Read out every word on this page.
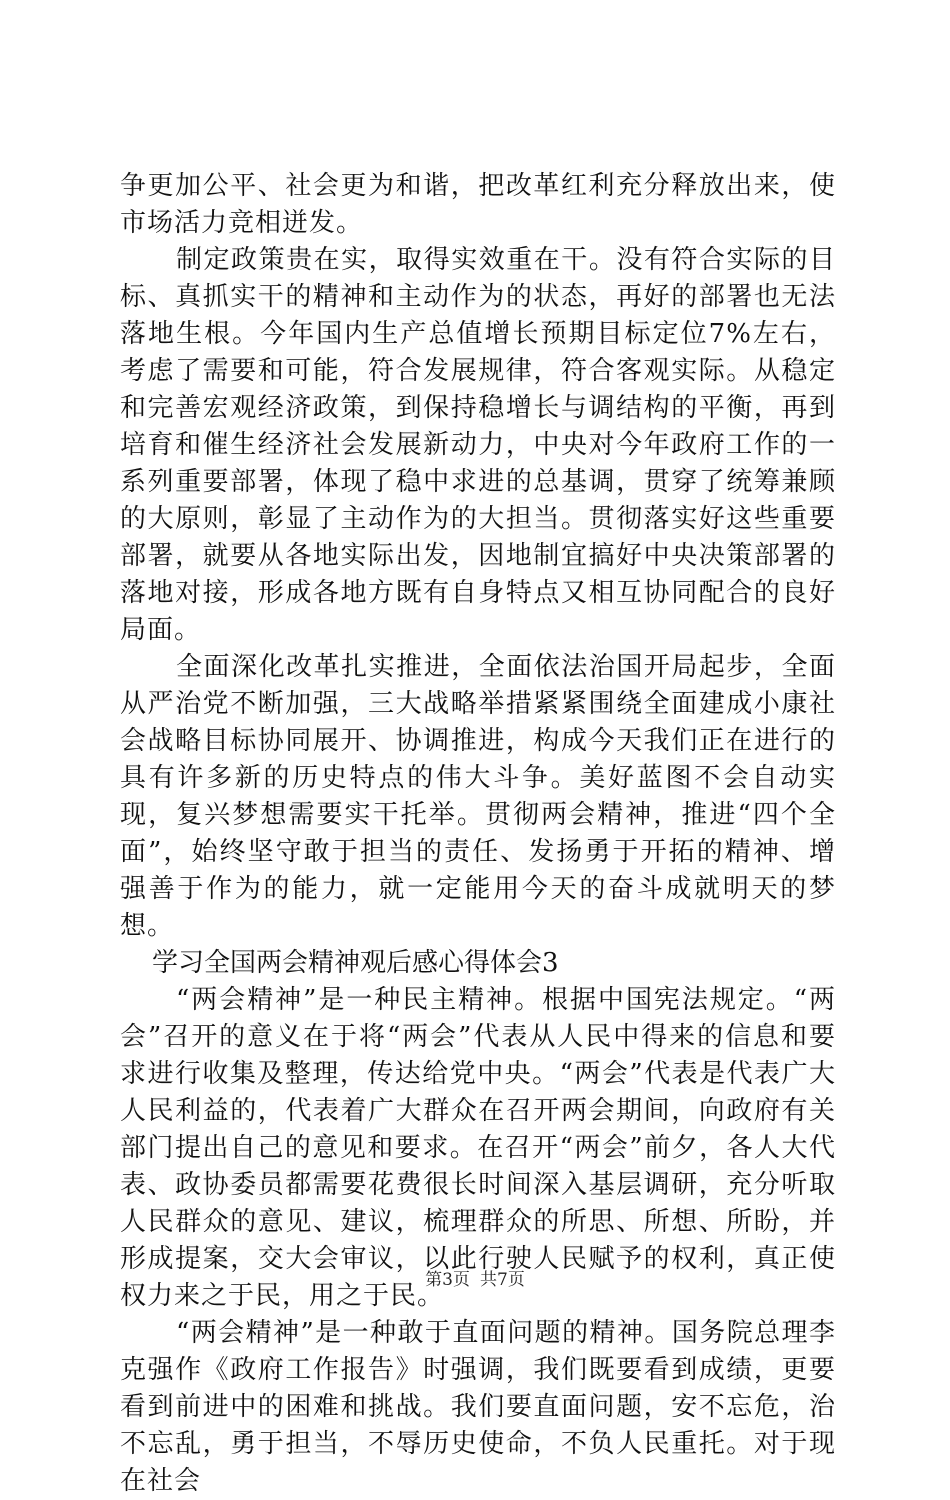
争更加公平、社会更为和谐，把改革红利充分释放出来，使市场活力竞相迸发。

制定政策贵在实，取得实效重在干。没有符合实际的目标、真抓实干的精神和主动作为的状态，再好的部署也无法落地生根。今年国内生产总值增长预期目标定位7%左右，考虑了需要和可能，符合发展规律，符合客观实际。从稳定和完善宏观经济政策，到保持稳增长与调结构的平衡，再到培育和催生经济社会发展新动力，中央对今年政府工作的一系列重要部署，体现了稳中求进的总基调，贯穿了统筹兼顾的大原则，彰显了主动作为的大担当。贯彻落实好这些重要部署，就要从各地实际出发，因地制宜搞好中央决策部署的落地对接，形成各地方既有自身特点又相互协同配合的良好局面。

全面深化改革扎实推进，全面依法治国开局起步，全面从严治党不断加强，三大战略举措紧紧围绕全面建成小康社会战略目标协同展开、协调推进，构成今天我们正在进行的具有许多新的历史特点的伟大斗争。美好蓝图不会自动实现，复兴梦想需要实干托举。贯彻两会精神，推进“四个全面”，始终坚守敢于担当的责任、发扬勇于开拓的精神、增强善于作为的能力，就一定能用今天的奋斗成就明天的梦想。

学习全国两会精神观后感心得体会3

“两会精神”是一种民主精神。根据中国宪法规定。“两会”召开的意义在于将“两会”代表从人民中得来的信息和要求进行收集及整理，传达给党中央。“两会”代表是代表广大人民利益的，代表着广大群众在召开两会期间，向政府有关部门提出自己的意见和要求。在召开“两会”前夕，各人大代表、政协委员都需要花费很长时间深入基层调研，充分听取人民群众的意见、建议，梳理群众的所思、所想、所盼，并形成提案，交大会审议，以此行驶人民赋予的权利，真正使权力来之于民，用之于民。

“两会精神”是一种敢于直面问题的精神。国务院总理李克强作《政府工作报告》时强调，我们既要看到成绩，更要看到前进中的困难和挑战。我们要直面问题，安不忘危，治不忘乱，勇于担当，不辱历史使命，不负人民重托。对于现在社会

第3页 共7页
